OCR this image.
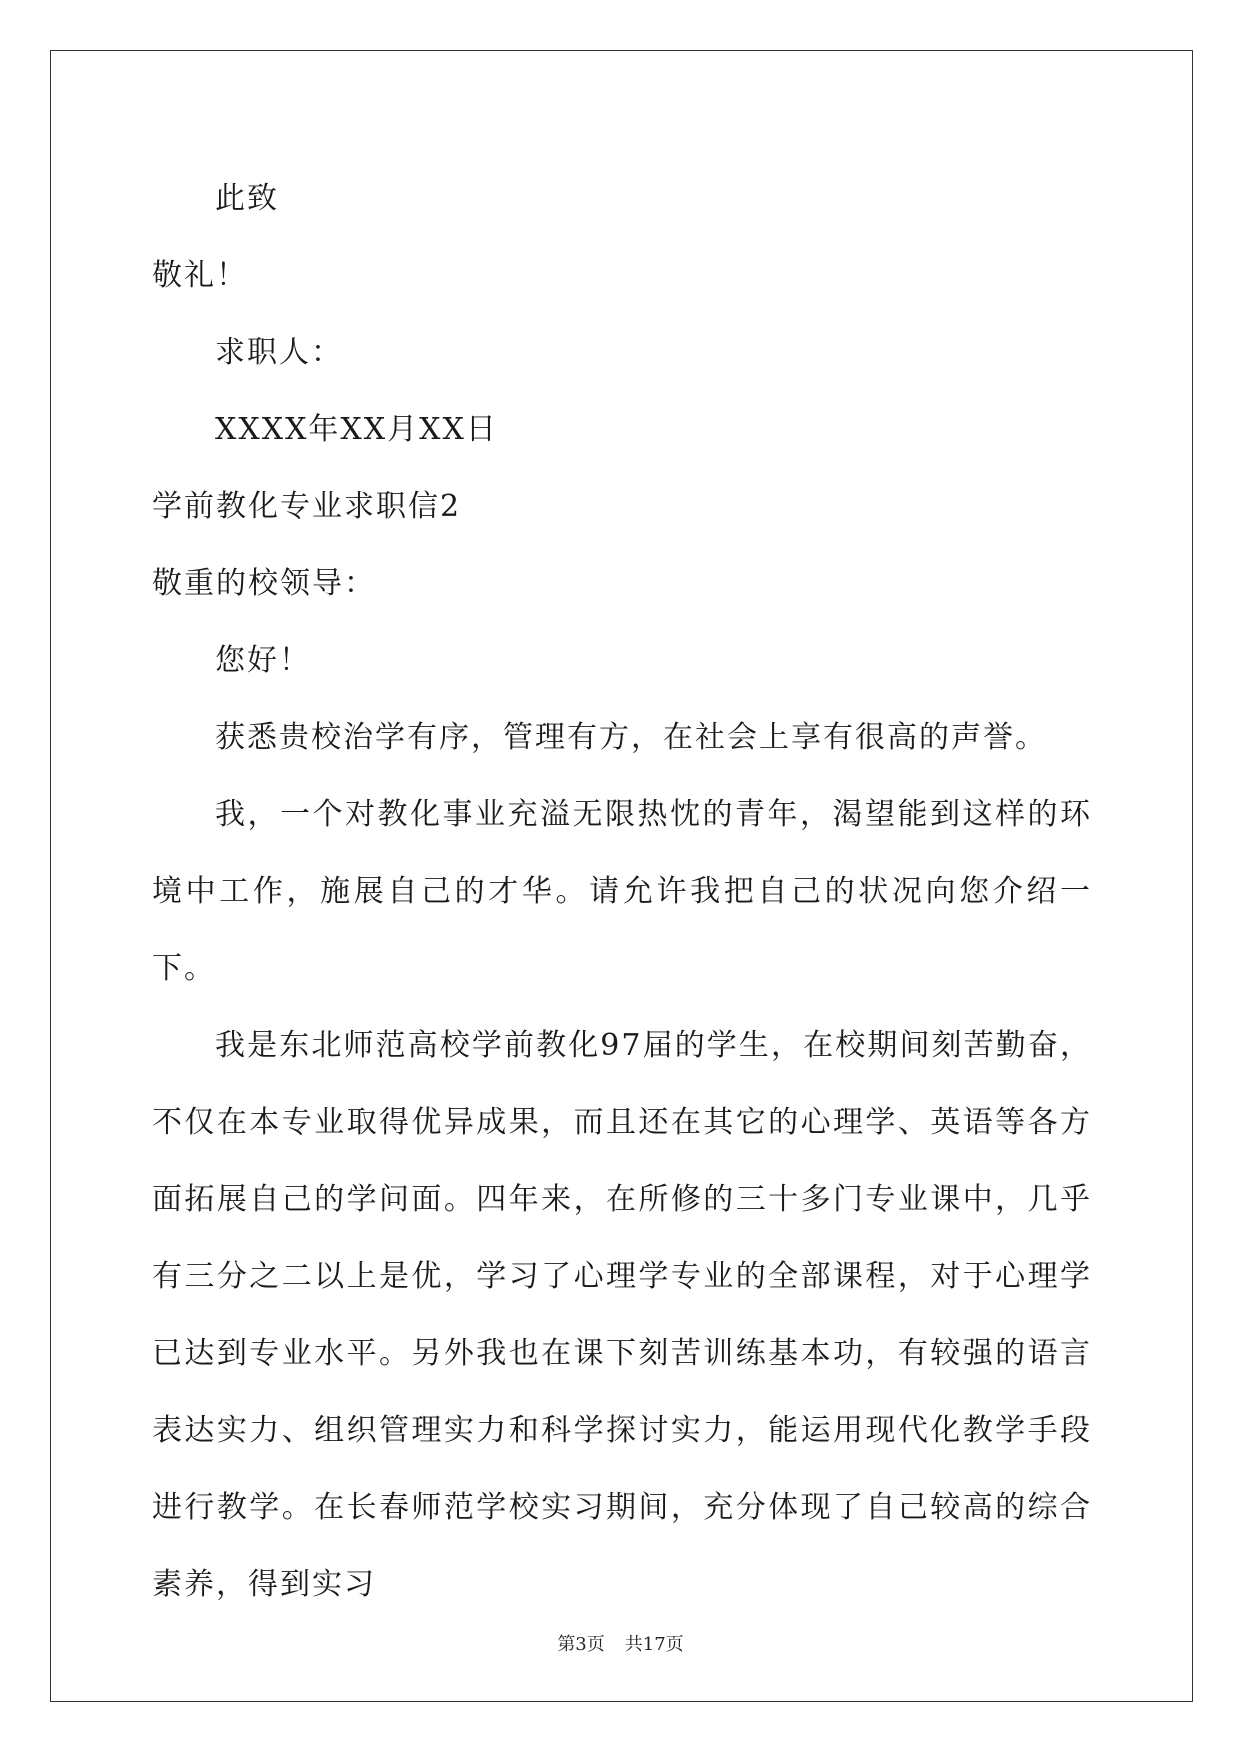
此致

敬礼！

求职人：

XXXX年XX月XX日

学前教化专业求职信2

敬重的校领导：

您好！

获悉贵校治学有序，管理有方，在社会上享有很高的声誉。

我，一个对教化事业充溢无限热忱的青年，渴望能到这样的环境中工作，施展自己的才华。请允许我把自己的状况向您介绍一下。

我是东北师范高校学前教化97届的学生，在校期间刻苦勤奋，不仅在本专业取得优异成果，而且还在其它的心理学、英语等各方面拓展自己的学问面。四年来，在所修的三十多门专业课中，几乎有三分之二以上是优，学习了心理学专业的全部课程，对于心理学已达到专业水平。另外我也在课下刻苦训练基本功，有较强的语言表达实力、组织管理实力和科学探讨实力，能运用现代化教学手段进行教学。在长春师范学校实习期间，充分体现了自己较高的综合素养，得到实习

第3页 共17页
